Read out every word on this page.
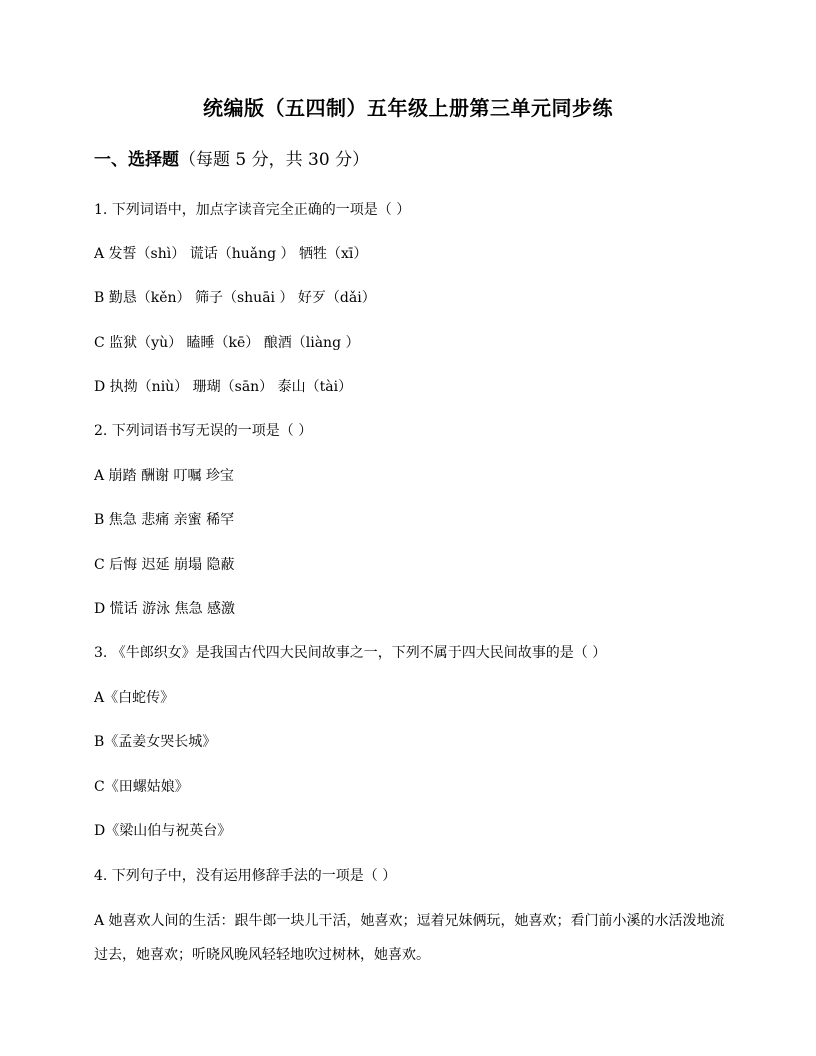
统编版（五四制）五年级上册第三单元同步练
一、选择题（每题 5 分，共 30 分）
1. 下列词语中，加点字读音完全正确的一项是（ ）
A 发誓（shì） 谎话（huǎng ） 牺牲（xī）
B 勤恳（kěn） 筛子（shuāi ） 好歹（dǎi）
C 监狱（yù） 瞌睡（kē） 酿酒（liàng ）
D 执拗（niù） 珊瑚（sān） 泰山（tài）
2. 下列词语书写无误的一项是（ ）
A 崩踏 酬谢 叮嘱 珍宝
B 焦急 悲痛 亲蜜 稀罕
C 后悔 迟延 崩塌 隐蔽
D 慌话 游泳 焦急 感激
3. 《牛郎织女》是我国古代四大民间故事之一，下列不属于四大民间故事的是（ ）
A《白蛇传》
B《孟姜女哭长城》
C《田螺姑娘》
D《梁山伯与祝英台》
4. 下列句子中，没有运用修辞手法的一项是（ ）
A 她喜欢人间的生活：跟牛郎一块儿干活，她喜欢；逗着兄妹俩玩，她喜欢；看门前小溪的水活泼地流过去，她喜欢；听晓风晚风轻轻地吹过树林，她喜欢。
